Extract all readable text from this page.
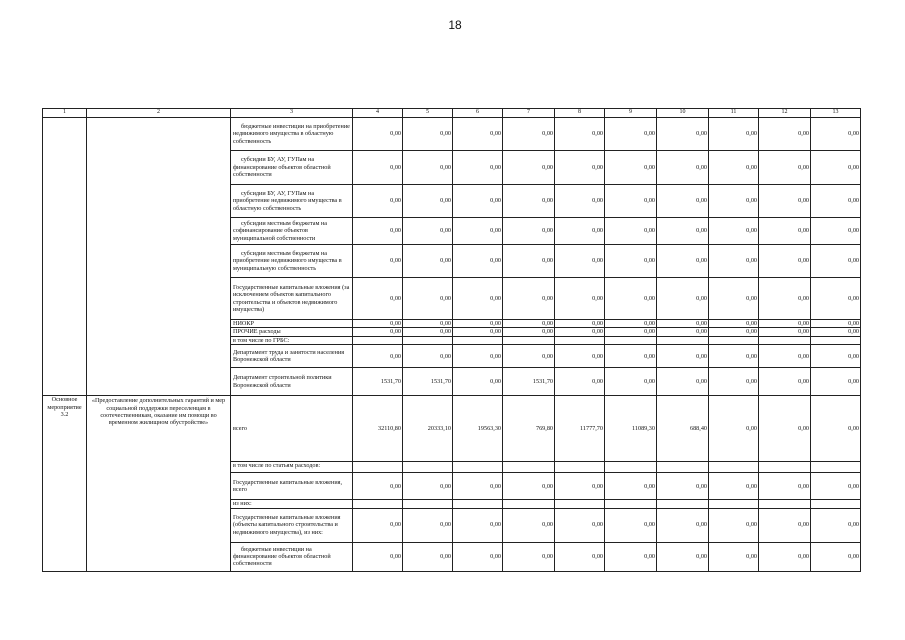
18
1	2	3	4	5	6	7	8	9	10	11	12	13
		бюджетные инвестиции на приобретение недвижимого имущества в областную собственность	0,00	0,00	0,00	0,00	0,00	0,00	0,00	0,00	0,00	0,00
		субсидии БУ, АУ, ГУПам на финансирование объектов областной собственности	0,00	0,00	0,00	0,00	0,00	0,00	0,00	0,00	0,00	0,00
		субсидии БУ, АУ, ГУПам на приобретение недвижимого имущества в областную собственность	0,00	0,00	0,00	0,00	0,00	0,00	0,00	0,00	0,00	0,00
		субсидии местным бюджетам на софинансирование объектов муниципальной собственности	0,00	0,00	0,00	0,00	0,00	0,00	0,00	0,00	0,00	0,00
		субсидии местным бюджетам на приобретение недвижимого имущества в муниципальную собственность	0,00	0,00	0,00	0,00	0,00	0,00	0,00	0,00	0,00	0,00
		Государственные капитальные вложения (за исключением объектов капитального строительства и объектов недвижимого имущества)	0,00	0,00	0,00	0,00	0,00	0,00	0,00	0,00	0,00	0,00
		НИОКР	0,00	0,00	0,00	0,00	0,00	0,00	0,00	0,00	0,00	0,00
		ПРОЧИЕ расходы	0,00	0,00	0,00	0,00	0,00	0,00	0,00	0,00	0,00	0,00
		в том числе по ГРБС:										
		Департамент труда и занятости населения Воронежской области	0,00	0,00	0,00	0,00	0,00	0,00	0,00	0,00	0,00	0,00
		Департамент строительной политики Воронежской области	1531,70	1531,70	0,00	1531,70	0,00	0,00	0,00	0,00	0,00	0,00
Основное мероприятие 3.2	«Предоставление дополнительных гарантий и мер социальной поддержки переселенцам в соотечественникам, оказание им помощи во временном жилищном обустройстве»	всего	32110,80	20333,10	19563,30	769,80	11777,70	11089,30	688,40	0,00	0,00	0,00
		в том числе по статьям расходов:										
		Государственные капитальные вложения, всего	0,00	0,00	0,00	0,00	0,00	0,00	0,00	0,00	0,00	0,00
		из них:										
		Государственные капитальные вложения (объекты капитального строительства и недвижимого имущества), из них:	0,00	0,00	0,00	0,00	0,00	0,00	0,00	0,00	0,00	0,00
		бюджетные инвестиции на финансирование объектов областной собственности	0,00	0,00	0,00	0,00	0,00	0,00	0,00	0,00	0,00	0,00
